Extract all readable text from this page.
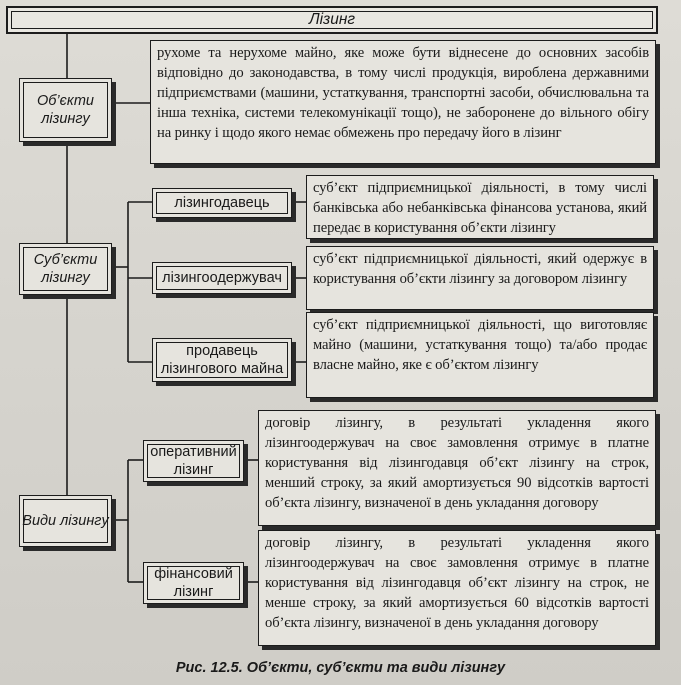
Лізинг
Об’єкти лізингу
рухоме та нерухоме майно, яке може бути віднесене до основних засобів відповідно до законодавства, в тому числі продукція, вироблена державними підприємствами (машини, устаткування, транспортні засоби, обчислювальна та інша техніка, системи телекомунікації тощо), не заборонене до вільного обігу на ринку і щодо якого немає обмежень про передачу його в лізинг
Суб’єкти лізингу
лізингодавець
суб’єкт підприємницької діяльності, в тому числі банківська або небанківська фінансова установа, який передає в користування об’єкти лізингу
лізингоодержувач
суб’єкт підприємницької діяльності, який одержує в користування об’єкти лізингу за договором лізингу
продавець лізингового майна
суб’єкт підприємницької діяльності, що виготовляє майно (машини, устаткування тощо) та/або продає власне майно, яке є об’єктом лізингу
Види лізингу
оперативний лізинг
договір лізингу, в результаті укладення якого лізингоодержувач на своє замовлення отримує в платне користування від лізингодавця об’єкт лізингу на строк, менший строку, за який амортизується 90 відсотків вартості об’єкта лізингу, визначеної в день укладання договору
фінансовий лізинг
договір лізингу, в результаті укладення якого лізингоодержувач на своє замовлення отримує в платне користування від лізингодавця об’єкт лізингу на строк, не менше строку, за який амортизується 60 відсотків вартості об’єкта лізингу, визначеної в день укладання договору
Рис. 12.5. Об’єкти, суб’єкти та види лізингу
